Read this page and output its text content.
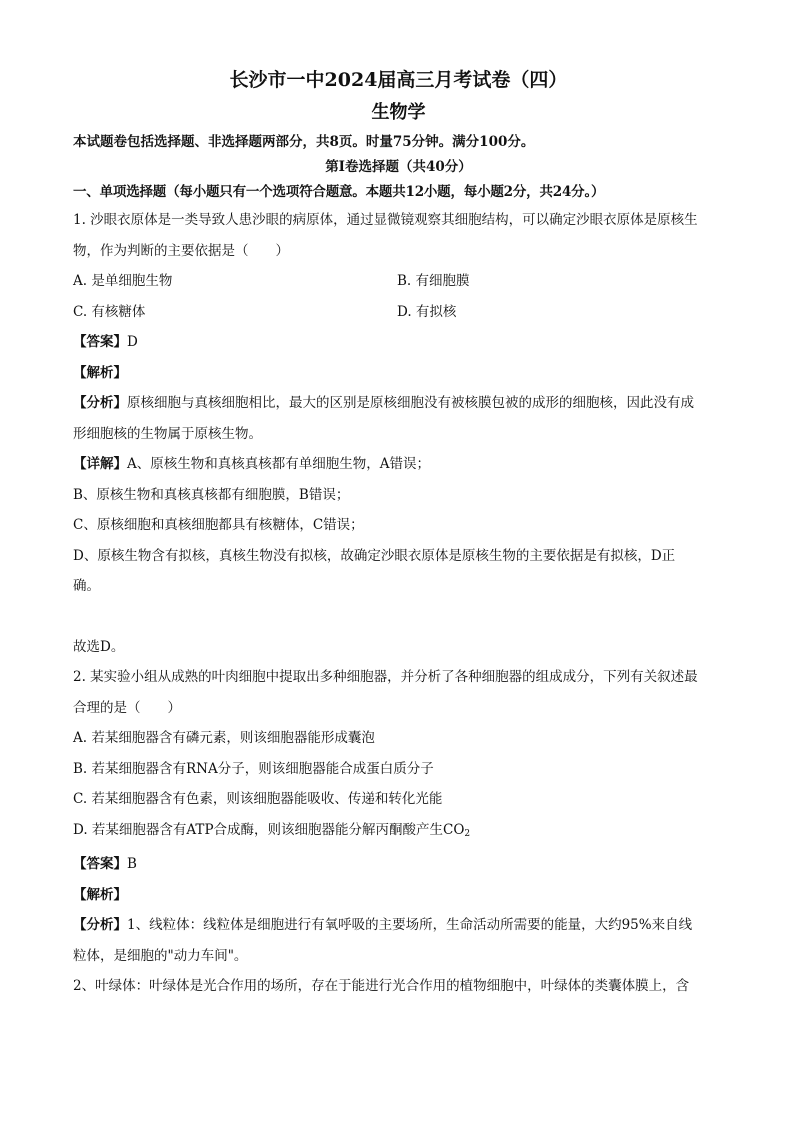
长沙市一中2024届高三月考试卷（四）
生物学

本试题卷包括选择题、非选择题两部分，共8页。时量75分钟。满分100分。

第Ⅰ卷选择题（共40分）

一、单项选择题（每小题只有一个选项符合题意。本题共12小题，每小题2分，共24分。）

1. 沙眼衣原体是一类导致人患沙眼的病原体，通过显微镜观察其细胞结构，可以确定沙眼衣原体是原核生

物，作为判断的主要依据是（　　）

A. 是单细胞生物	B. 有细胞膜
C. 有核糖体	D. 有拟核

【答案】D

【解析】

【分析】原核细胞与真核细胞相比，最大的区别是原核细胞没有被核膜包被的成形的细胞核，因此没有成

形细胞核的生物属于原核生物。

【详解】A、原核生物和真核真核都有单细胞生物，A错误；

B、原核生物和真核真核都有细胞膜，B错误；

C、原核细胞和真核细胞都具有核糖体，C错误；

D、原核生物含有拟核，真核生物没有拟核，故确定沙眼衣原体是原核生物的主要依据是有拟核，D正

确。

故选D。

2. 某实验小组从成熟的叶肉细胞中提取出多种细胞器，并分析了各种细胞器的组成成分，下列有关叙述最

合理的是（　　）

A. 若某细胞器含有磷元素，则该细胞器能形成囊泡

B. 若某细胞器含有RNA分子，则该细胞器能合成蛋白质分子

C. 若某细胞器含有色素，则该细胞器能吸收、传递和转化光能

D. 若某细胞器含有ATP合成酶，则该细胞器能分解丙酮酸产生$CO_2$

【答案】B

【解析】

【分析】1、线粒体：线粒体是细胞进行有氧呼吸的主要场所，生命活动所需要的能量，大约95%来自线

粒体，是细胞的"动力车间"。

2、叶绿体：叶绿体是光合作用的场所，存在于能进行光合作用的植物细胞中，叶绿体的类囊体膜上，含
